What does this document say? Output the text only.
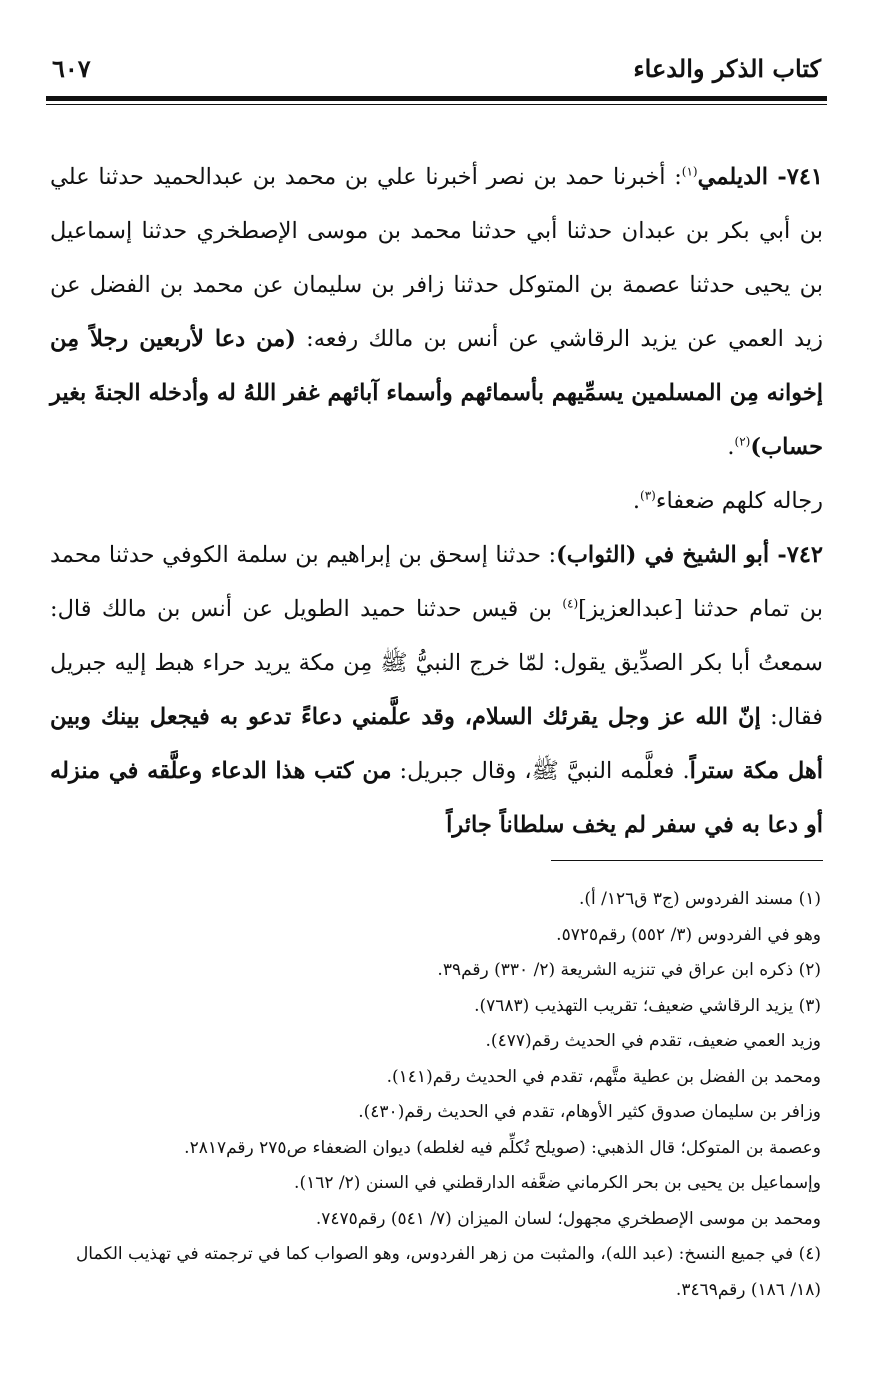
كتاب الذكر والدعاء
٦٠٧

٧٤١- الديلمي$^{(١)}$: أخبرنا حمد بن نصر أخبرنا علي بن محمد بن عبدالحميد حدثنا علي بن أبي بكر بن عبدان حدثنا أبي حدثنا محمد بن موسى الإصطخري حدثنا إسماعيل بن يحيى حدثنا عصمة بن المتوكل حدثنا زافر بن سليمان عن محمد بن الفضل عن زيد العمي عن يزيد الرقاشي عن أنس بن مالك رفعه: (من دعا لأربعين رجلاً مِن إخوانه مِن المسلمين يسمِّيهم بأسمائهم وأسماء آبائهم غفر اللهُ له وأدخله الجنةَ بغير حساب)$^{(٢)}$.

رجاله كلهم ضعفاء$^{(٣)}$.

٧٤٢- أبو الشيخ في (الثواب): حدثنا إسحق بن إبراهيم بن سلمة الكوفي حدثنا محمد بن تمام حدثنا [عبدالعزيز]$^{(٤)}$ بن قيس حدثنا حميد الطويل عن أنس بن مالك قال: سمعتُ أبا بكر الصدِّيق يقول: لمّا خرج النبيُّ ﷺ مِن مكة يريد حراء هبط إليه جبريل فقال: إنّ الله عز وجل يقرئك السلام، وقد علَّمني دعاءً تدعو به فيجعل بينك وبين أهل مكة ستراً. فعلَّمه النبيَّ ﷺ، وقال جبريل: من كتب هذا الدعاء وعلَّقه في منزله أو دعا به في سفر لم يخف سلطاناً جائراً

(١) مسند الفردوس (ج٣ ق١٢٦/ أ).
وهو في الفردوس (٣/ ٥٥٢) رقم٥٧٢٥.
(٢) ذكره ابن عراق في تنزيه الشريعة (٢/ ٣٣٠) رقم٣٩.
(٣) يزيد الرقاشي ضعيف؛ تقريب التهذيب (٧٦٨٣).
وزيد العمي ضعيف، تقدم في الحديث رقم(٤٧٧).
ومحمد بن الفضل بن عطية متَّهم، تقدم في الحديث رقم(١٤١).
وزافر بن سليمان صدوق كثير الأوهام، تقدم في الحديث رقم(٤٣٠).
وعصمة بن المتوكل؛ قال الذهبي: (صويلح تُكلِّم فيه لغلطه) ديوان الضعفاء ص٢٧٥ رقم٢٨١٧.
وإسماعيل بن يحيى بن بحر الكرماني ضعَّفه الدارقطني في السنن (٢/ ١٦٢).
ومحمد بن موسى الإصطخري مجهول؛ لسان الميزان (٧/ ٥٤١) رقم٧٤٧٥.
(٤) في جميع النسخ: (عبد الله)، والمثبت من زهر الفردوس، وهو الصواب كما في ترجمته في تهذيب الكمال
(١٨/ ١٨٦) رقم٣٤٦٩.
